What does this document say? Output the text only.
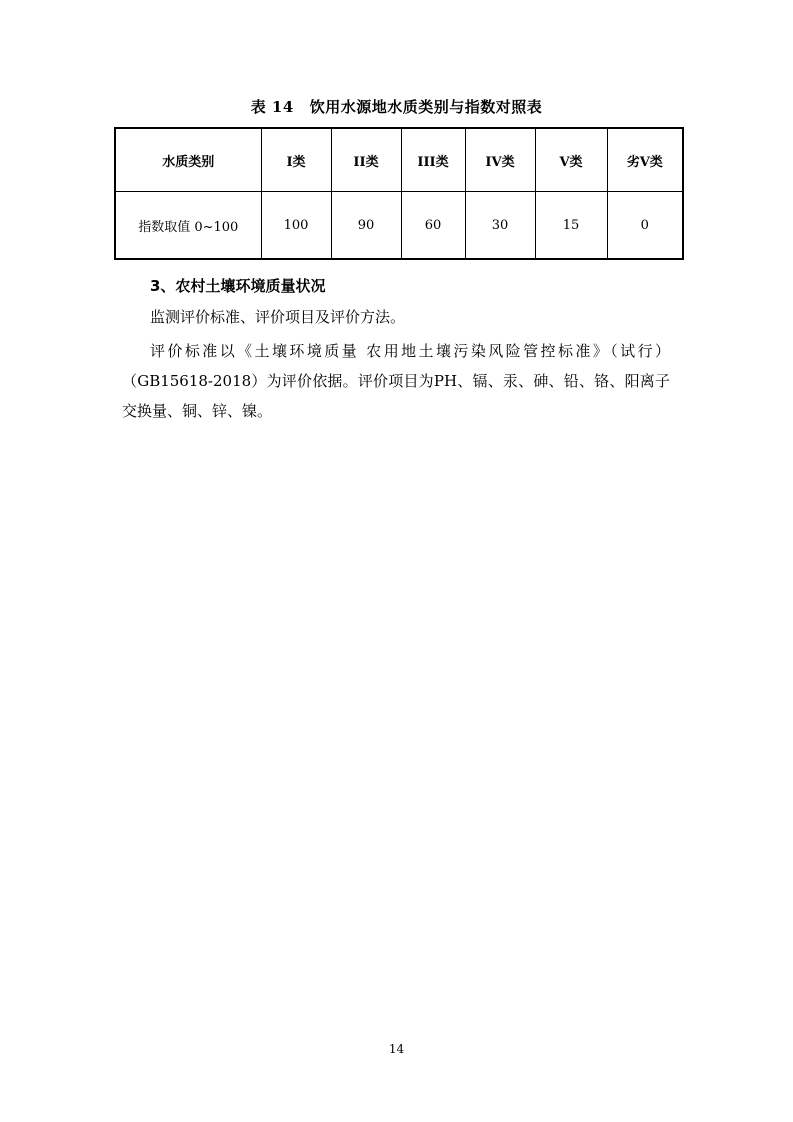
表 14 饮用水源地水质类别与指数对照表
水质类别	I类	II类	III类	IV类	V类	劣V类
指数取值 0~100	100	90	60	30	15	0
3、农村土壤环境质量状况
监测评价标准、评价项目及评价方法。
评价标准以《土壤环境质量 农用地土壤污染风险管控标准》（试行）（GB15618-2018）为评价依据。评价项目为PH、镉、汞、砷、铅、铬、阳离子交换量、铜、锌、镍。
14
